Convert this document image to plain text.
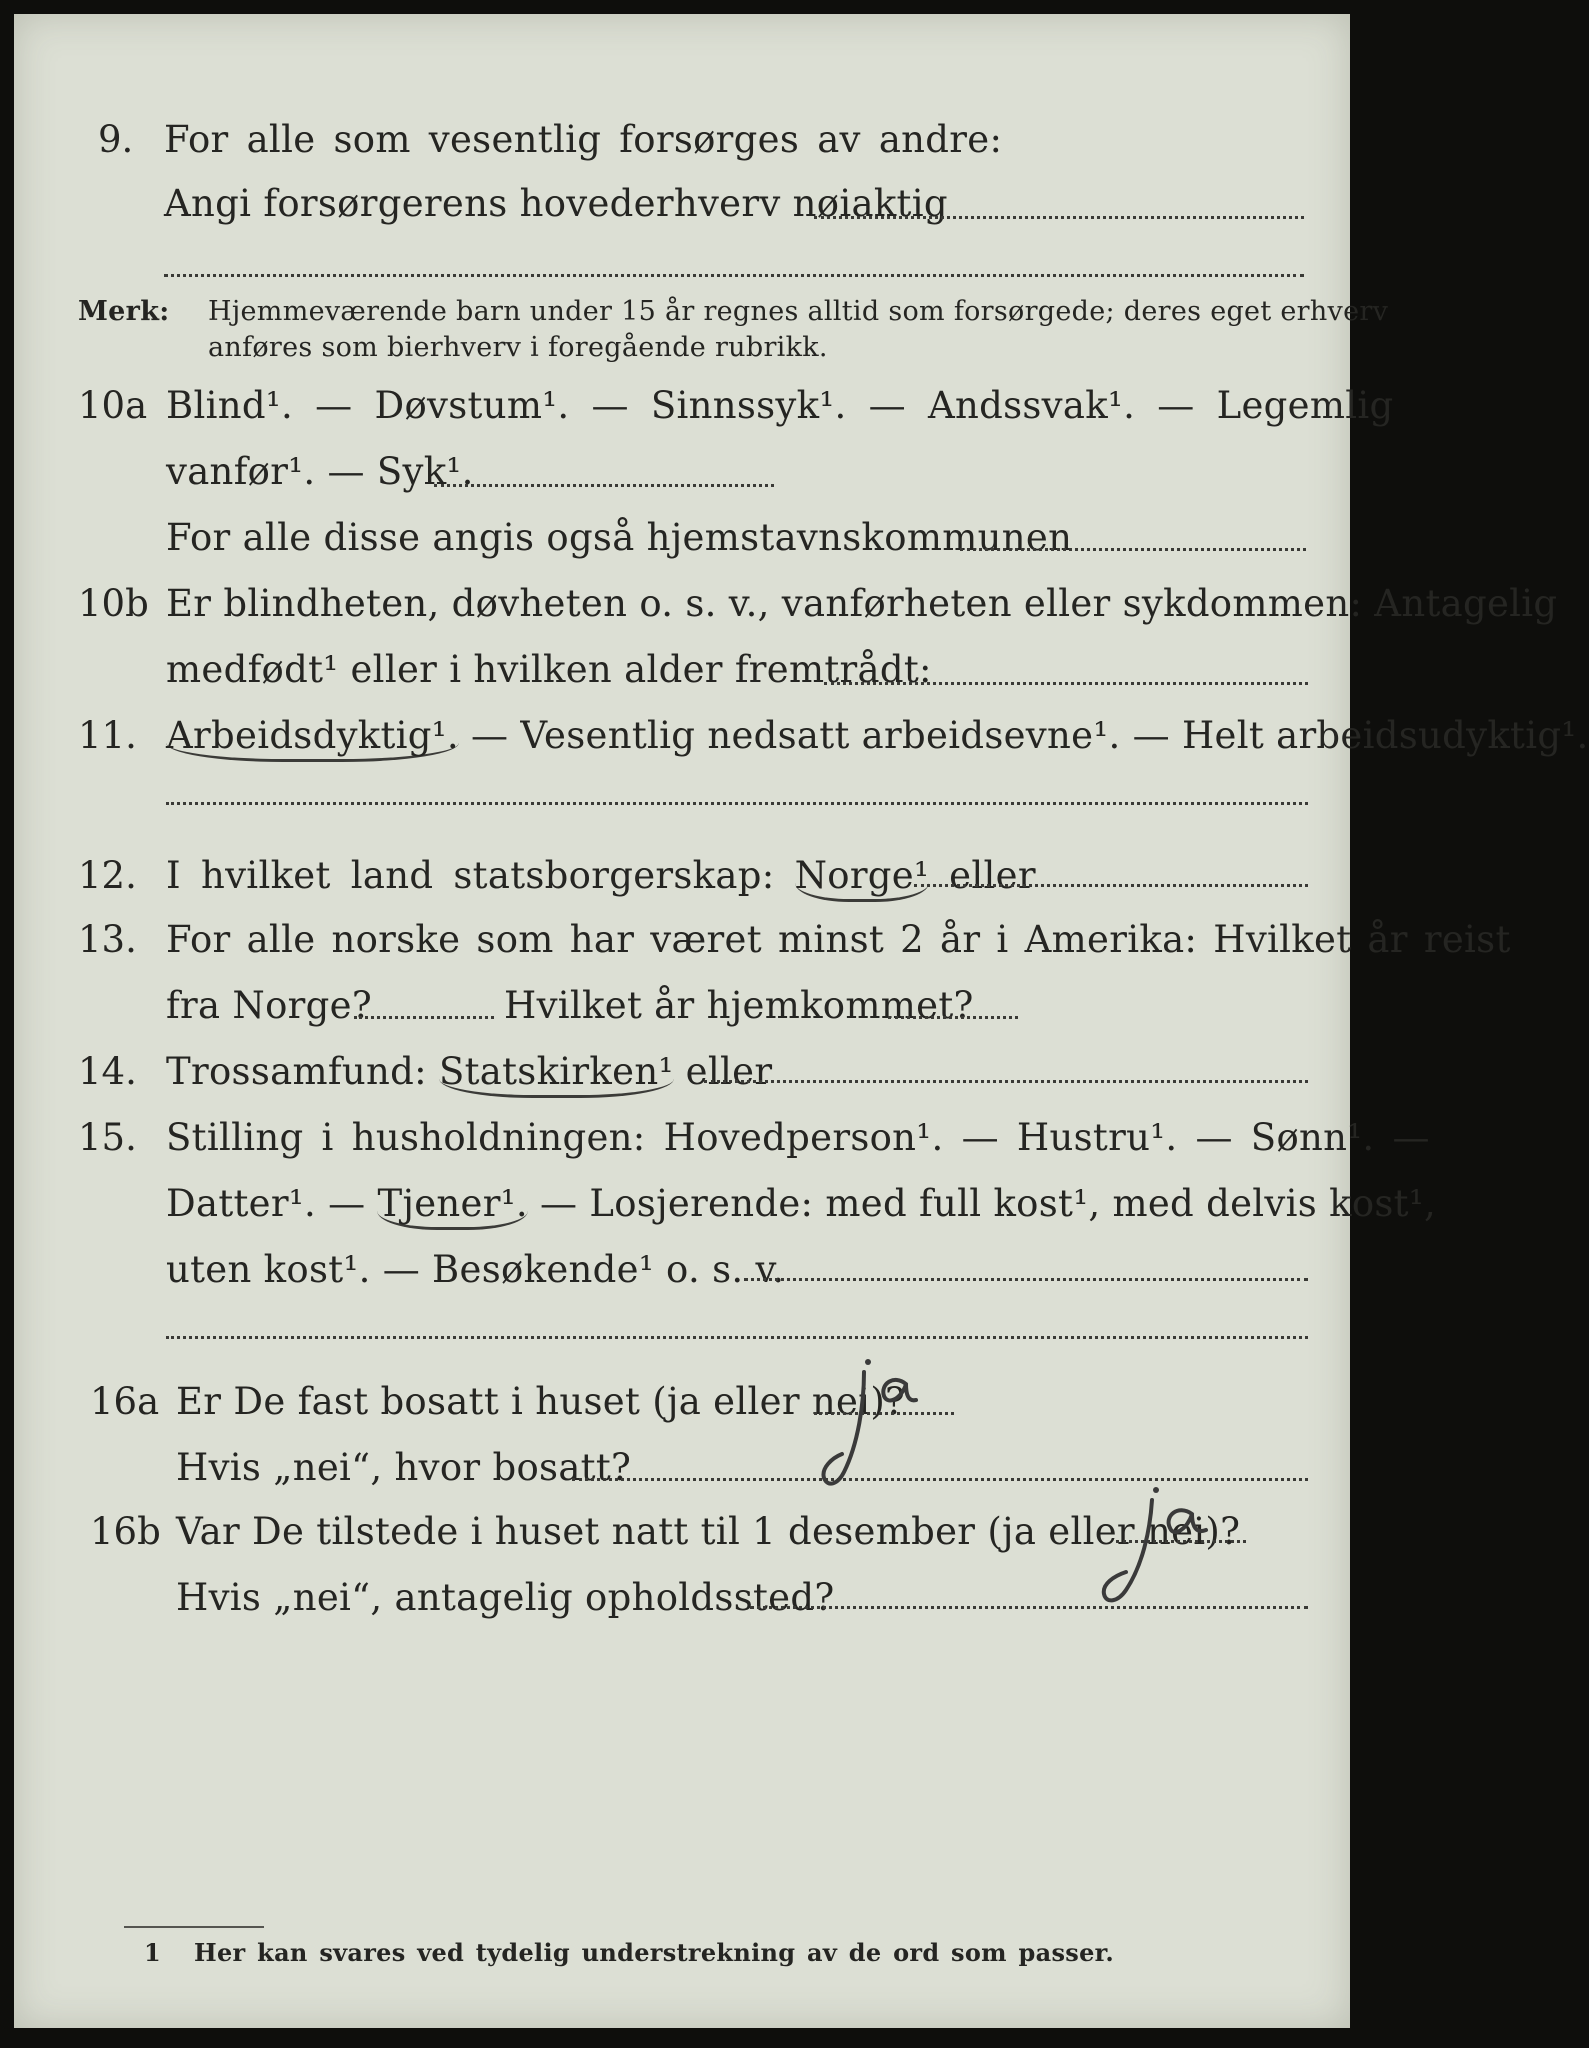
9. For alle som vesentlig forsørges av andre:
Angi forsørgerens hovederhverv nøiaktig
Merk: Hjemmeværende barn under 15 år regnes alltid som forsørgede; deres eget erhverv
anføres som bierhverv i foregående rubrikk.
10a Blind¹. — Døvstum¹. — Sinnssyk¹. — Andssvak¹. — Legemlig
vanfør¹. — Syk¹.
For alle disse angis også hjemstavnskommunen
10b Er blindheten, døvheten o. s. v., vanførheten eller sykdommen: Antagelig
medfødt¹ eller i hvilken alder fremtrådt:
11. Arbeidsdyktig¹. — Vesentlig nedsatt arbeidsevne¹. — Helt arbeidsudyktig¹.
12. I hvilket land statsborgerskap: Norge¹ eller
13. For alle norske som har været minst 2 år i Amerika: Hvilket år reist
fra Norge?	Hvilket år hjemkommet?
14. Trossamfund: Statskirken¹ eller
15. Stilling i husholdningen: Hovedperson¹. — Hustru¹. — Sønn¹. —
Datter¹. — Tjener¹. — Losjerende: med full kost¹, med delvis kost¹,
uten kost¹. — Besøkende¹ o. s. v.
16a Er De fast bosatt i huset (ja eller nei)?
ja
Hvis „nei“, hvor bosatt?
16b Var De tilstede i huset natt til 1 desember (ja eller nei)?
ja
Hvis „nei“, antagelig opholdssted?
1 Her kan svares ved tydelig understrekning av de ord som passer.
